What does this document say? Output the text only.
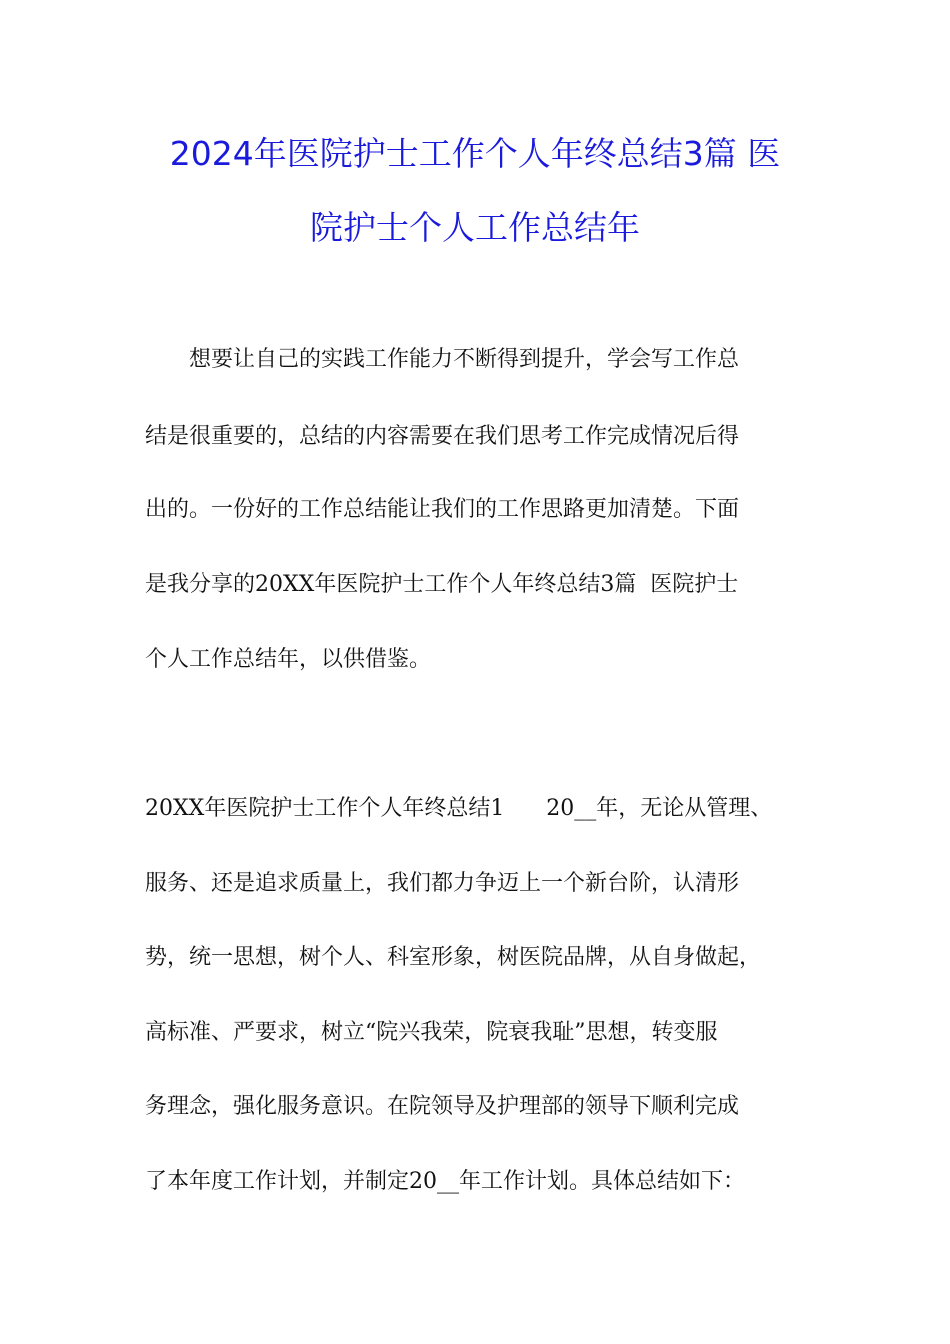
2024年医院护士工作个人年终总结3篇 医
院护士个人工作总结年
　　想要让自己的实践工作能力不断得到提升，学会写工作总
结是很重要的，总结的内容需要在我们思考工作完成情况后得
出的。一份好的工作总结能让我们的工作思路更加清楚。下面
是我分享的20XX年医院护士工作个人年终总结3篇  医院护士
个人工作总结年，以供借鉴。
20XX年医院护士工作个人年终总结1      20__年，无论从管理、
服务、还是追求质量上，我们都力争迈上一个新台阶，认清形
势，统一思想，树个人、科室形象，树医院品牌，从自身做起，
高标准、严要求，树立“院兴我荣，院衰我耻”思想，转变服
务理念，强化服务意识。在院领导及护理部的领导下顺利完成
了本年度工作计划，并制定20__年工作计划。具体总结如下：
